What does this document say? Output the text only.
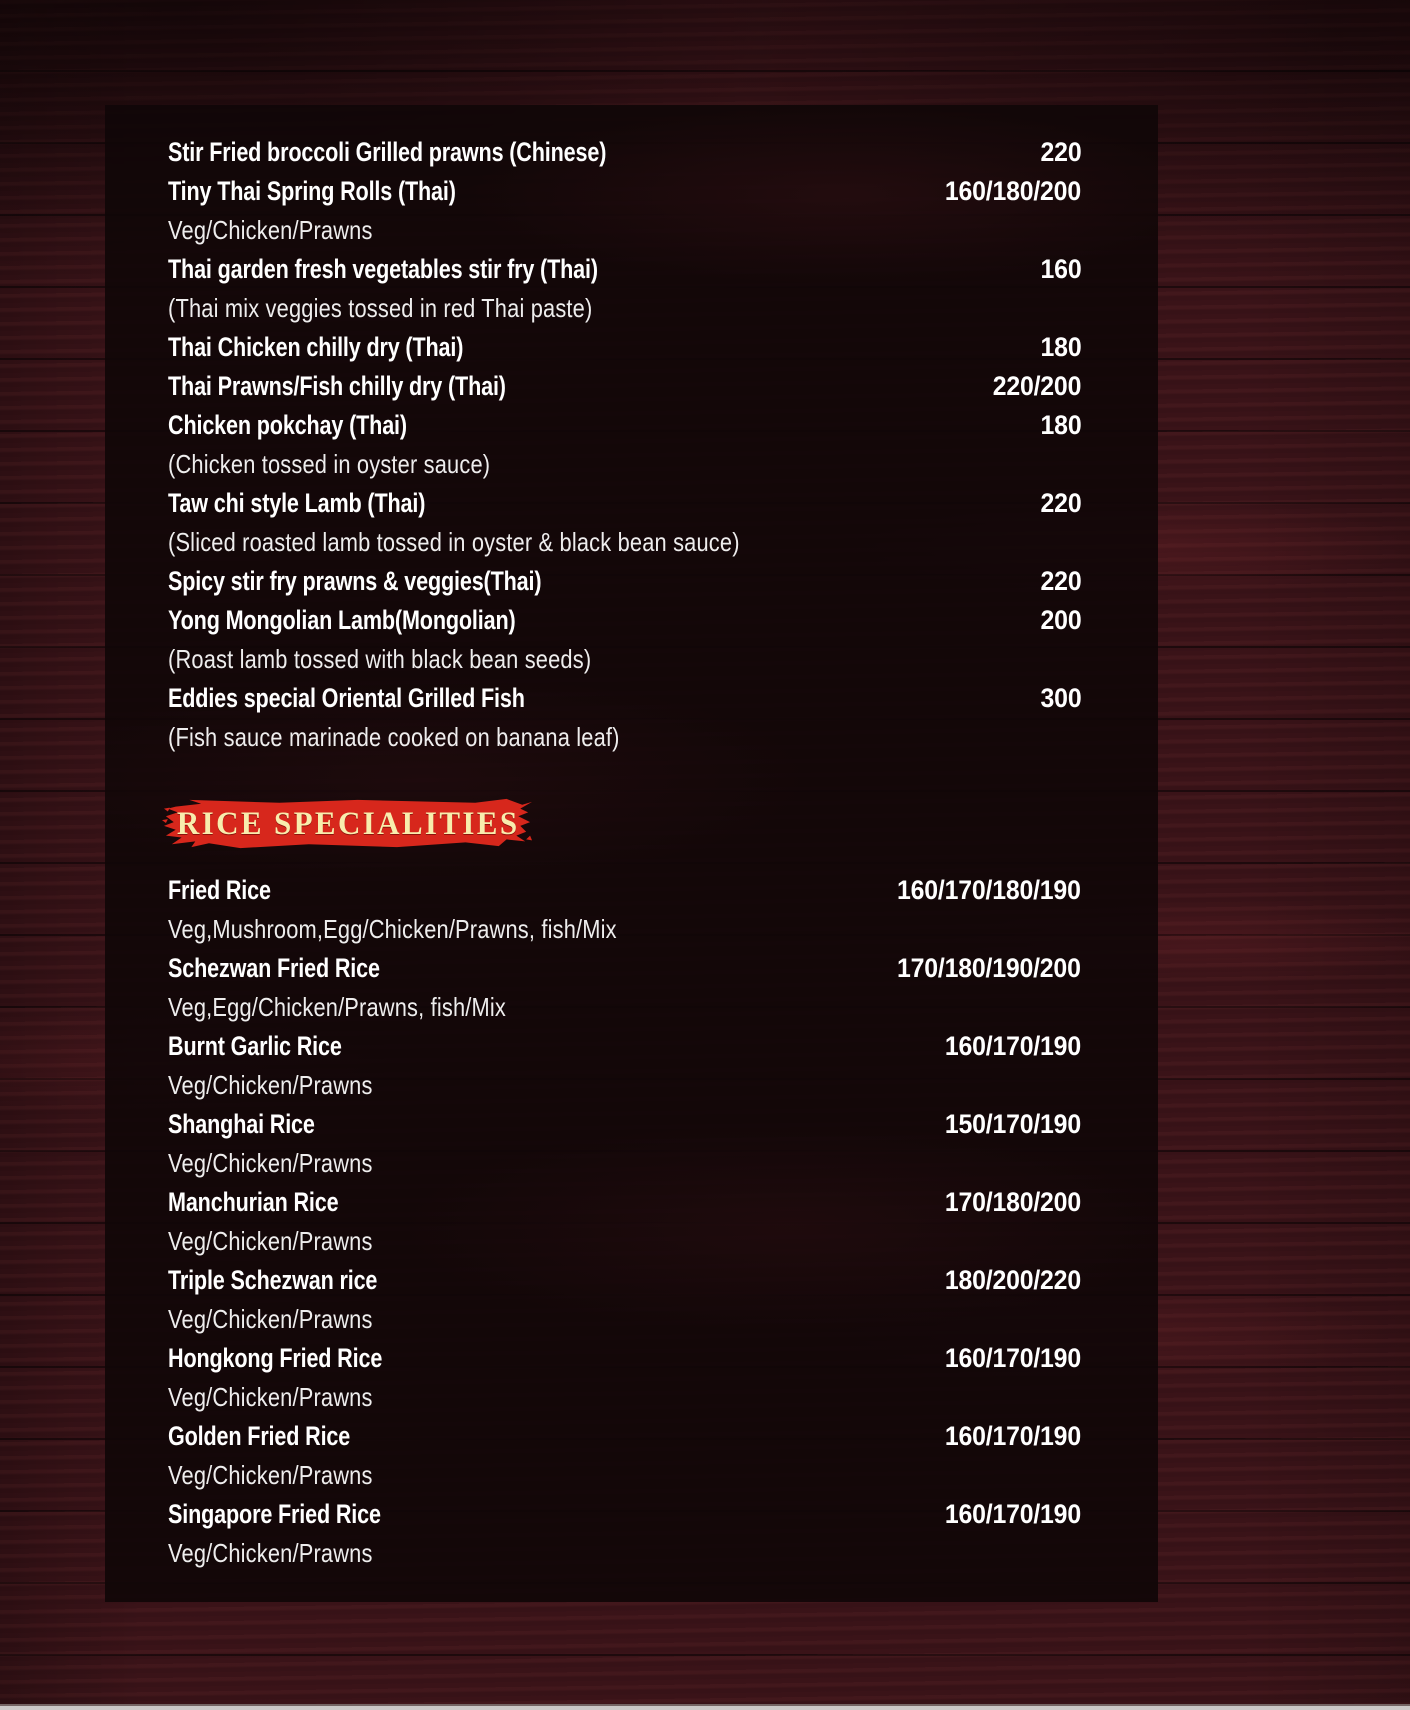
Stir Fried broccoli Grilled prawns (Chinese)	220
Tiny Thai Spring Rolls (Thai)	160/180/200
Veg/Chicken/Prawns
Thai garden fresh vegetables stir fry (Thai)	160
(Thai mix veggies tossed in red Thai paste)
Thai Chicken chilly dry (Thai)	180
Thai Prawns/Fish chilly dry (Thai)	220/200
Chicken pokchay (Thai)	180
(Chicken tossed in oyster sauce)
Taw chi style Lamb (Thai)	220
(Sliced roasted lamb tossed in oyster & black bean sauce)
Spicy stir fry prawns & veggies(Thai)	220
Yong Mongolian Lamb(Mongolian)	200
(Roast lamb tossed with black bean seeds)
Eddies special Oriental Grilled Fish	300
(Fish sauce marinade cooked on banana leaf)
RICE SPECIALITIES
Fried Rice	160/170/180/190
Veg,Mushroom,Egg/Chicken/Prawns, fish/Mix
Schezwan Fried Rice	170/180/190/200
Veg,Egg/Chicken/Prawns, fish/Mix
Burnt Garlic Rice	160/170/190
Veg/Chicken/Prawns
Shanghai Rice	150/170/190
Veg/Chicken/Prawns
Manchurian Rice	170/180/200
Veg/Chicken/Prawns
Triple Schezwan rice	180/200/220
Veg/Chicken/Prawns
Hongkong Fried Rice	160/170/190
Veg/Chicken/Prawns
Golden Fried Rice	160/170/190
Veg/Chicken/Prawns
Singapore Fried Rice	160/170/190
Veg/Chicken/Prawns
